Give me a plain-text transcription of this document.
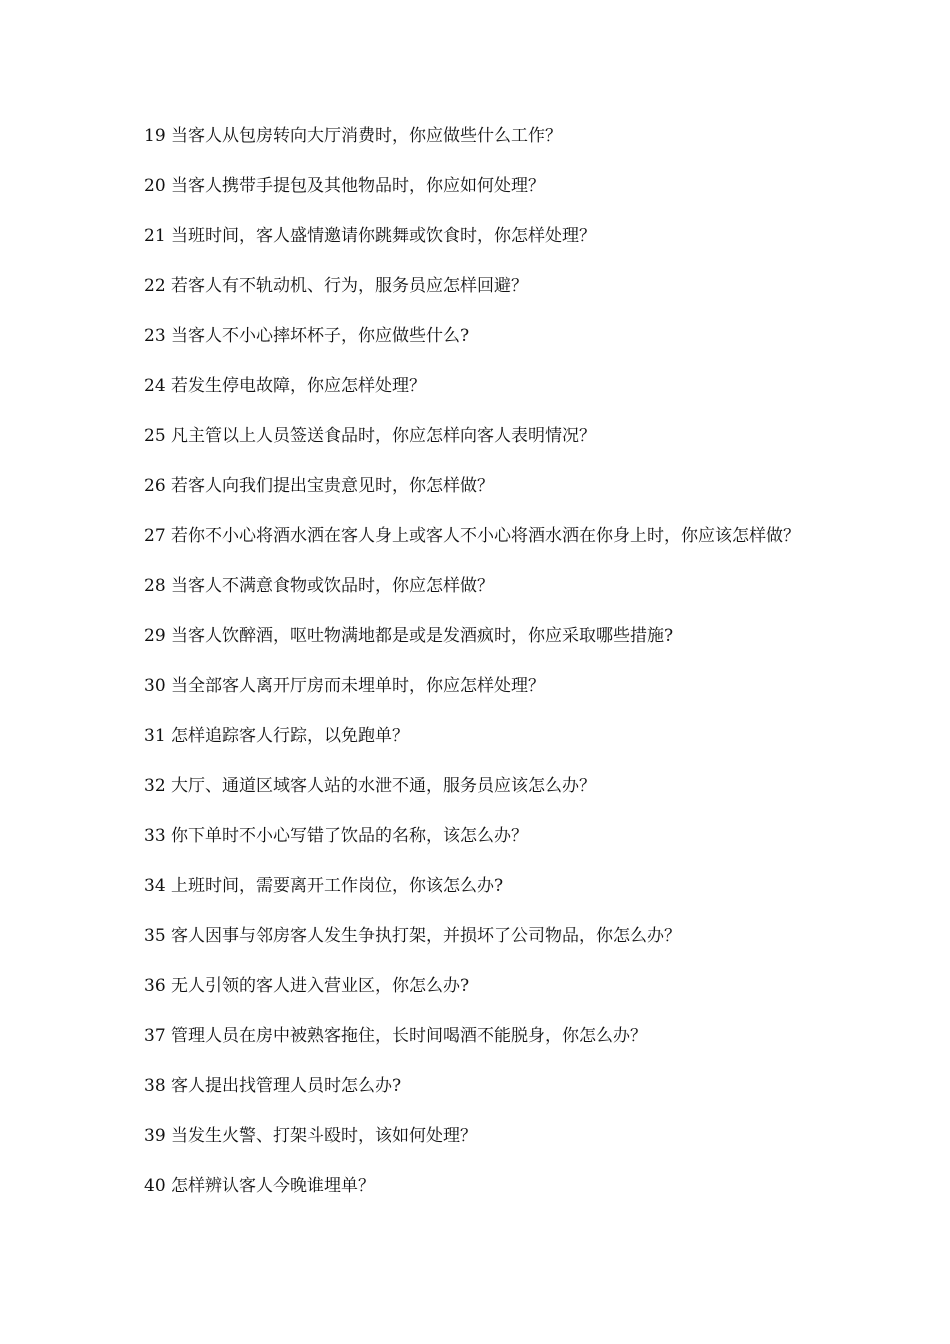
19 当客人从包房转向大厅消费时，你应做些什么工作？

20 当客人携带手提包及其他物品时，你应如何处理？

21 当班时间，客人盛情邀请你跳舞或饮食时，你怎样处理？

22 若客人有不轨动机、行为，服务员应怎样回避？

23 当客人不小心摔坏杯子，你应做些什么?

24 若发生停电故障，你应怎样处理？

25 凡主管以上人员签送食品时，你应怎样向客人表明情况？

26 若客人向我们提出宝贵意见时，你怎样做？

27 若你不小心将酒水洒在客人身上或客人不小心将酒水洒在你身上时，你应该怎样做？

28 当客人不满意食物或饮品时，你应怎样做？

29 当客人饮醉酒，呕吐物满地都是或是发酒疯时，你应采取哪些措施?

30 当全部客人离开厅房而未埋单时，你应怎样处理？

31 怎样追踪客人行踪，以免跑单？

32 大厅、通道区域客人站的水泄不通，服务员应该怎么办？

33 你下单时不小心写错了饮品的名称，该怎么办？

34 上班时间，需要离开工作岗位，你该怎么办?

35 客人因事与邻房客人发生争执打架，并损坏了公司物品，你怎么办？

36 无人引领的客人进入营业区，你怎么办?

37 管理人员在房中被熟客拖住，长时间喝酒不能脱身，你怎么办？

38 客人提出找管理人员时怎么办?

39 当发生火警、打架斗殴时，该如何处理？

40 怎样辨认客人今晚谁埋单？
